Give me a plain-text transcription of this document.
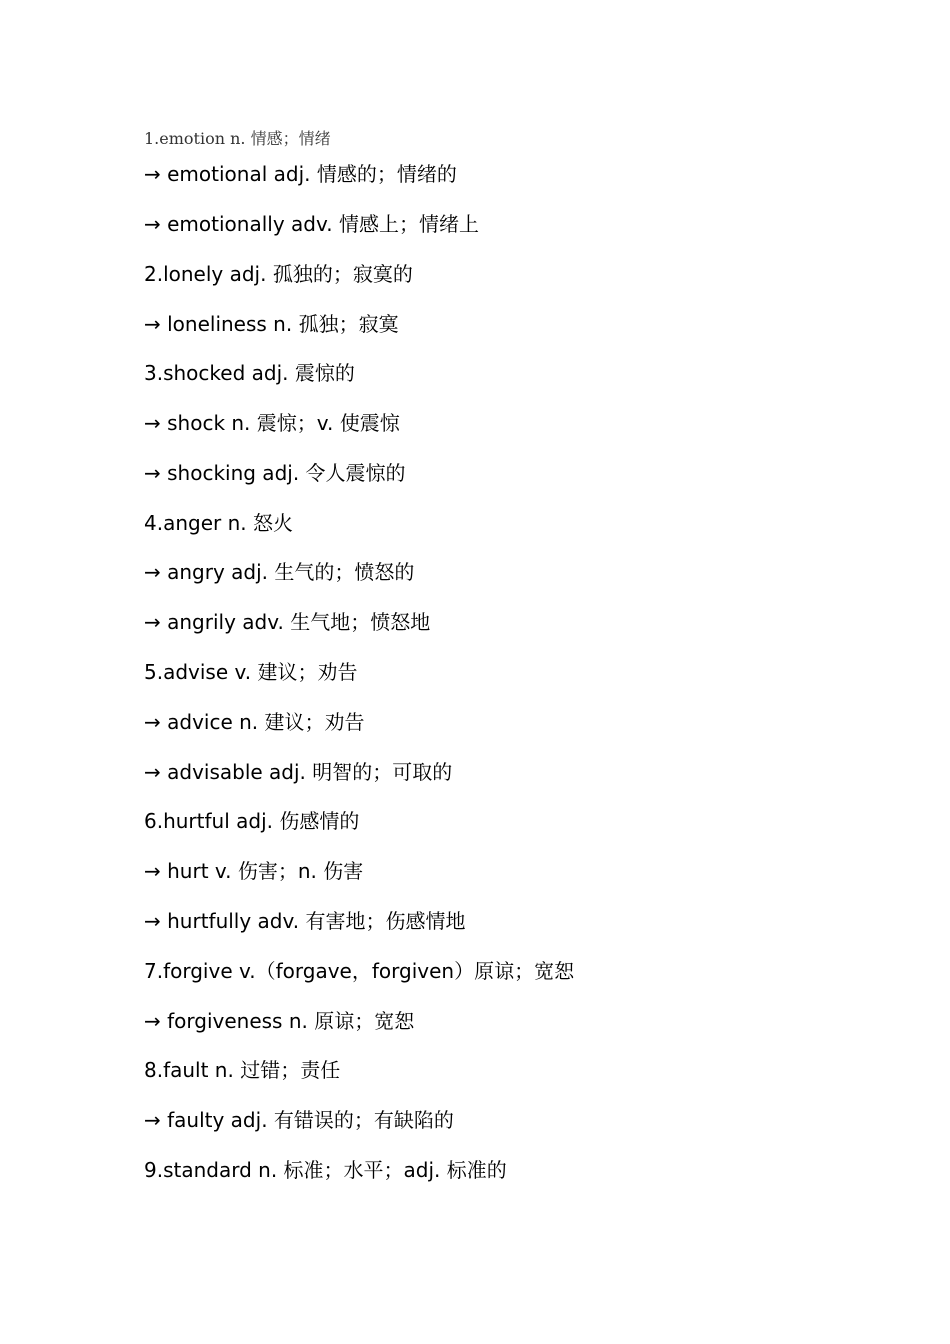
1.emotion n. 情感；情绪
→ emotional adj. 情感的；情绪的
→ emotionally adv. 情感上；情绪上
2.lonely adj. 孤独的；寂寞的
→ loneliness n. 孤独；寂寞
3.shocked adj. 震惊的
→ shock n. 震惊；v. 使震惊
→ shocking adj. 令人震惊的
4.anger n. 怒火
→ angry adj. 生气的；愤怒的
→ angrily adv. 生气地；愤怒地
5.advise v. 建议；劝告
→ advice n. 建议；劝告
→ advisable adj. 明智的；可取的
6.hurtful adj. 伤感情的
→ hurt v. 伤害；n. 伤害
→ hurtfully adv. 有害地；伤感情地
7.forgive v.（forgave，forgiven）原谅；宽恕
→ forgiveness n. 原谅；宽恕
8.fault n. 过错；责任
→ faulty adj. 有错误的；有缺陷的
9.standard n. 标准；水平；adj. 标准的
